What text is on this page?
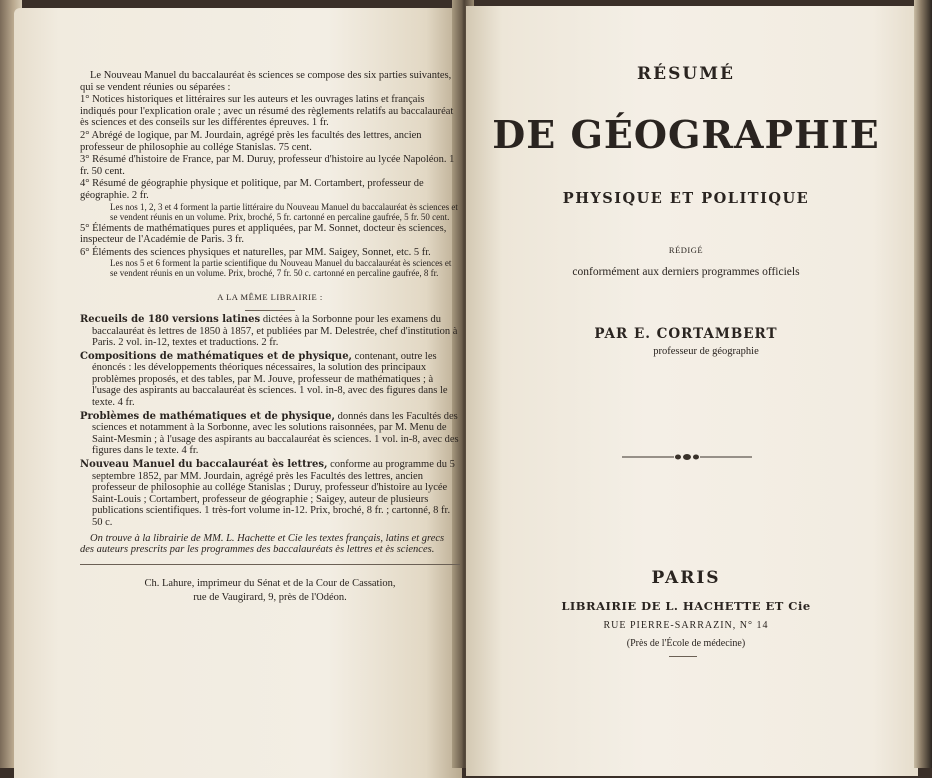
Le Nouveau Manuel du baccalauréat ès sciences se compose des six parties suivantes, qui se vendent réunies ou séparées :

1° Notices historiques et littéraires sur les auteurs et les ouvrages latins et français indiqués pour l'explication orale ; avec un résumé des règlements relatifs au baccalauréat ès sciences et des conseils sur les différentes épreuves. 1 fr.

2° Abrégé de logique, par M. Jourdain, agrégé près les facultés des lettres, ancien professeur de philosophie au collége Stanislas. 75 cent.

3° Résumé d'histoire de France, par M. Duruy, professeur d'histoire au lycée Napoléon. 1 fr. 50 cent.

4° Résumé de géographie physique et politique, par M. Cortambert, professeur de géographie. 2 fr.

Les nos 1, 2, 3 et 4 forment la partie littéraire du Nouveau Manuel du baccalauréat ès sciences et se vendent réunis en un volume. Prix, broché, 5 fr. cartonné en percaline gaufrée, 5 fr. 50 cent.

5° Éléments de mathématiques pures et appliquées, par M. Sonnet, docteur ès sciences, inspecteur de l'Académie de Paris. 3 fr.

6° Éléments des sciences physiques et naturelles, par MM. Saigey, Sonnet, etc. 5 fr.

Les nos 5 et 6 forment la partie scientifique du Nouveau Manuel du baccalauréat ès sciences et se vendent réunis en un volume. Prix, broché, 7 fr. 50 c. cartonné en percaline gaufrée, 8 fr.

A LA MÊME LIBRAIRIE :

Recueils de 180 versions latines dictées à la Sorbonne pour les examens du baccalauréat ès lettres de 1850 à 1857, et publiées par M. Delestrée, chef d'institution à Paris. 2 vol. in-12, textes et traductions. 2 fr.

Compositions de mathématiques et de physique, contenant, outre les énoncés : les développements théoriques nécessaires, la solution des principaux problèmes proposés, et des tables, par M. Jouve, professeur de mathématiques ; à l'usage des aspirants au baccalauréat ès sciences. 1 vol. in-8, avec des figures dans le texte. 4 fr.

Problèmes de mathématiques et de physique, donnés dans les Facultés des sciences et notamment à la Sorbonne, avec les solutions raisonnées, par M. Menu de Saint-Mesmin ; à l'usage des aspirants au baccalauréat ès sciences. 1 vol. in-8, avec des figures dans le texte. 4 fr.

Nouveau Manuel du baccalauréat ès lettres, conforme au programme du 5 septembre 1852, par MM. Jourdain, agrégé près les Facultés des lettres, ancien professeur de philosophie au collége Stanislas ; Duruy, professeur d'histoire au lycée Saint-Louis ; Cortambert, professeur de géographie ; Saigey, auteur de plusieurs publications scientifiques. 1 très-fort volume in-12. Prix, broché, 8 fr. ; cartonné, 8 fr. 50 c.

On trouve à la librairie de MM. L. Hachette et Cie les textes français, latins et grecs des auteurs prescrits par les programmes des baccalauréats ès lettres et ès sciences.

Ch. Lahure, imprimeur du Sénat et de la Cour de Cassation,
rue de Vaugirard, 9, près de l'Odéon.

RÉSUMÉ
DE GÉOGRAPHIE
PHYSIQUE ET POLITIQUE
RÉDIGÉ
conformément aux derniers programmes officiels
PAR E. CORTAMBERT
professeur de géographie
PARIS
LIBRAIRIE DE L. HACHETTE ET Cie
RUE PIERRE-SARRAZIN, N° 14
(Près de l'École de médecine)
